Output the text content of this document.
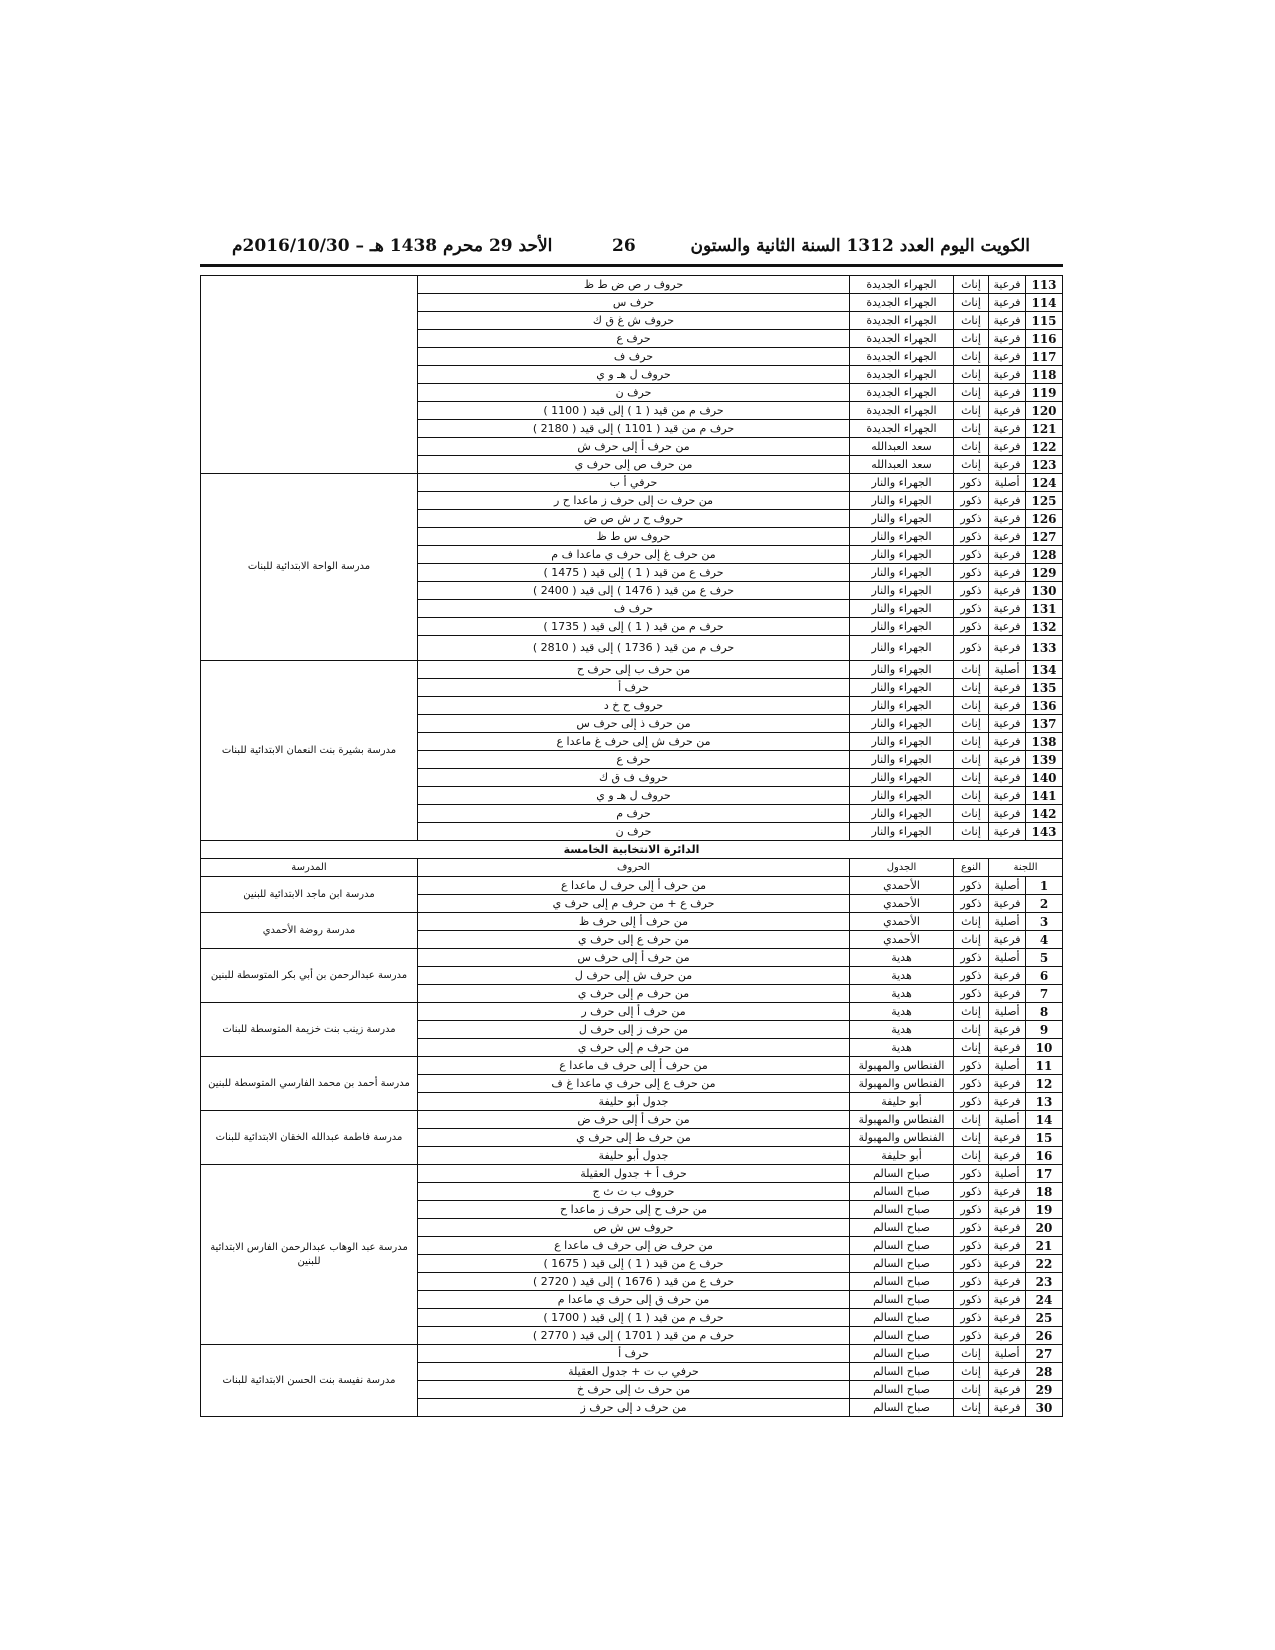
الكويت اليوم العدد 1312 السنة الثانية والستون
26
الأحد 29 محرم 1438 هـ – 2016/10/30م
113	فرعية	إناث	الجهراء الجديدة	حروف ر ص ض ط ظ	
114	فرعية	إناث	الجهراء الجديدة	حرف س	
115	فرعية	إناث	الجهراء الجديدة	حروف ش غ ق ك	
116	فرعية	إناث	الجهراء الجديدة	حرف ع	
117	فرعية	إناث	الجهراء الجديدة	حرف ف	
118	فرعية	إناث	الجهراء الجديدة	حروف ل هـ و ي	
119	فرعية	إناث	الجهراء الجديدة	حرف ن	
120	فرعية	إناث	الجهراء الجديدة	حرف م من قيد ( 1 ) إلى قيد ( 1100 )	
121	فرعية	إناث	الجهراء الجديدة	حرف م من قيد ( 1101 ) إلى قيد ( 2180 )	
122	فرعية	إناث	سعد العبدالله	من حرف أ إلى حرف ش	
123	فرعية	إناث	سعد العبدالله	من حرف ص إلى حرف ي	
124	أصلية	ذكور	الجهراء والنار	حرفي أ ب	مدرسة الواحة الابتدائية للبنات
125	فرعية	ذكور	الجهراء والنار	من حرف ت إلى حرف ز ماعدا ح ر	
126	فرعية	ذكور	الجهراء والنار	حروف ح ر ش ص ض	
127	فرعية	ذكور	الجهراء والنار	حروف س ط ظ	
128	فرعية	ذكور	الجهراء والنار	من حرف غ إلى حرف ي ماعدا ف م	
129	فرعية	ذكور	الجهراء والنار	حرف ع من قيد ( 1 ) إلى قيد ( 1475 )	
130	فرعية	ذكور	الجهراء والنار	حرف ع من قيد ( 1476 ) إلى قيد ( 2400 )	
131	فرعية	ذكور	الجهراء والنار	حرف ف	
132	فرعية	ذكور	الجهراء والنار	حرف م من قيد ( 1 ) إلى قيد ( 1735 )	
133	فرعية	ذكور	الجهراء والنار	حرف م من قيد ( 1736 ) إلى قيد ( 2810 )	
134	أصلية	إناث	الجهراء والنار	من حرف ب إلى حرف ح	مدرسة بشيرة بنت النعمان الابتدائية للبنات
135	فرعية	إناث	الجهراء والنار	حرف أ	
136	فرعية	إناث	الجهراء والنار	حروف ح خ د	
137	فرعية	إناث	الجهراء والنار	من حرف ذ إلى حرف س	
138	فرعية	إناث	الجهراء والنار	من حرف ش إلى حرف غ ماعدا ع	
139	فرعية	إناث	الجهراء والنار	حرف ع	
140	فرعية	إناث	الجهراء والنار	حروف ف ق ك	
141	فرعية	إناث	الجهراء والنار	حروف ل هـ و ي	
142	فرعية	إناث	الجهراء والنار	حرف م	
143	فرعية	إناث	الجهراء والنار	حرف ن	
الدائرة الانتخابية الخامسة					
اللجنة		النوع	الجدول	الحروف	المدرسة
1	أصلية	ذكور	الأحمدي	من حرف أ إلى حرف ل ماعدا ع	مدرسة ابن ماجد الابتدائية للبنين
2	فرعية	ذكور	الأحمدي	حرف ع + من حرف م إلى حرف ي	
3	أصلية	إناث	الأحمدي	من حرف أ إلى حرف ظ	مدرسة روضة الأحمدي
4	فرعية	إناث	الأحمدي	من حرف ع إلى حرف ي	
5	أصلية	ذكور	هدية	من حرف أ إلى حرف س	مدرسة عبدالرحمن بن أبي بكر المتوسطة للبنين
6	فرعية	ذكور	هدية	من حرف ش إلى حرف ل	
7	فرعية	ذكور	هدية	من حرف م إلى حرف ي	
8	أصلية	إناث	هدية	من حرف أ إلى حرف ر	مدرسة زينب بنت خزيمة المتوسطة للبنات
9	فرعية	إناث	هدية	من حرف ز إلى حرف ل	
10	فرعية	إناث	هدية	من حرف م إلى حرف ي	
11	أصلية	ذكور	الفنطاس والمهبولة	من حرف أ إلى حرف ف ماعدا ع	مدرسة أحمد بن محمد الفارسي المتوسطة للبنين
12	فرعية	ذكور	الفنطاس والمهبولة	من حرف ع إلى حرف ي ماعدا غ ف	
13	فرعية	ذكور	أبو حليفة	جدول أبو حليفة	
14	أصلية	إناث	الفنطاس والمهبولة	من حرف أ إلى حرف ض	مدرسة فاطمة عبدالله الخقان الابتدائية للبنات
15	فرعية	إناث	الفنطاس والمهبولة	من حرف ط إلى حرف ي	
16	فرعية	إناث	أبو حليفة	جدول أبو حليفة	
17	أصلية	ذكور	صباح السالم	حرف أ + جدول العقيلة	مدرسة عبد الوهاب عبدالرحمن الفارس الابتدائية للبنين
18	فرعية	ذكور	صباح السالم	حروف ب ت ث ج	
19	فرعية	ذكور	صباح السالم	من حرف ح إلى حرف ز ماعدا ح	
20	فرعية	ذكور	صباح السالم	حروف س ش ص	
21	فرعية	ذكور	صباح السالم	من حرف ض إلى حرف ف ماعدا ع	
22	فرعية	ذكور	صباح السالم	حرف ع من قيد ( 1 ) إلى قيد ( 1675 )	
23	فرعية	ذكور	صباح السالم	حرف ع من قيد ( 1676 ) إلى قيد ( 2720 )	
24	فرعية	ذكور	صباح السالم	من حرف ق إلى حرف ي ماعدا م	
25	فرعية	ذكور	صباح السالم	حرف م من قيد ( 1 ) إلى قيد ( 1700 )	
26	فرعية	ذكور	صباح السالم	حرف م من قيد ( 1701 ) إلى قيد ( 2770 )	
27	أصلية	إناث	صباح السالم	حرف أ	مدرسة نفيسة بنت الحسن الابتدائية للبنات
28	فرعية	إناث	صباح السالم	حرفي ب ت + جدول العقيلة	
29	فرعية	إناث	صباح السالم	من حرف ث إلى حرف خ	
30	فرعية	إناث	صباح السالم	من حرف د إلى حرف ز	
